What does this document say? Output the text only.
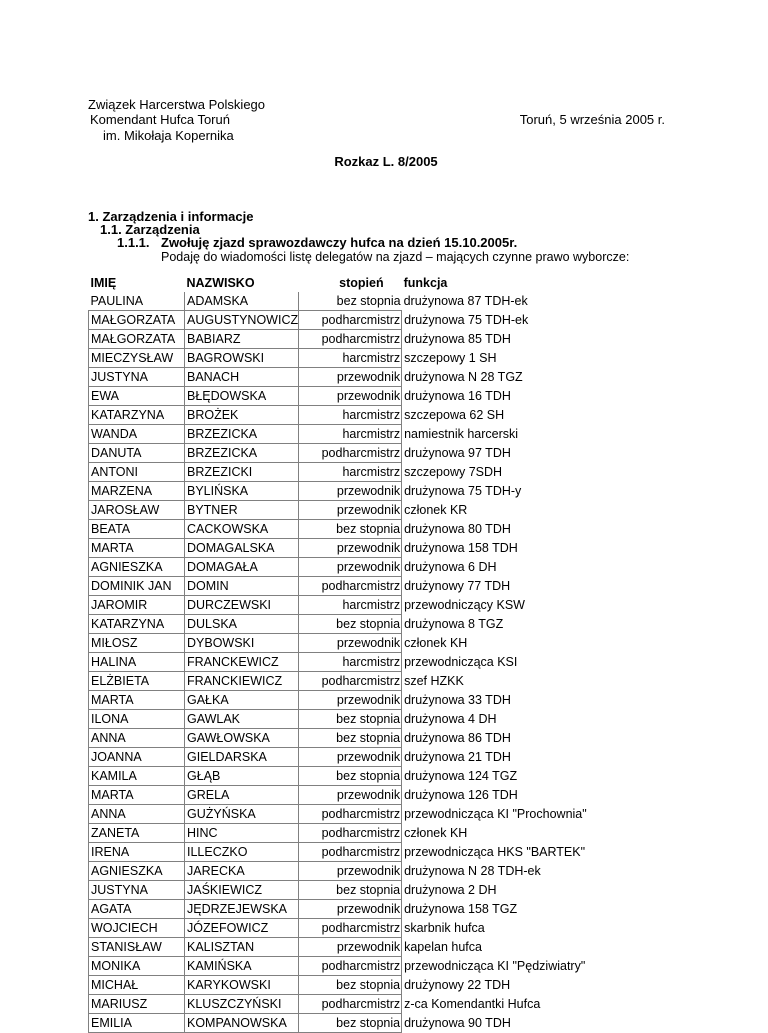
Związek Harcerstwa Polskiego
Komendant Hufca Toruń
im. Mikołaja Kopernika
Toruń, 5 września 2005 r.
Rozkaz L. 8/2005
1. Zarządzenia i informacje
1.1. Zarządzenia
1.1.1. Zwołuję zjazd sprawozdawczy hufca na dzień 15.10.2005r.
Podaję do wiadomości listę delegatów na zjazd – mających czynne prawo wyborcze:
IMIĘ	NAZWISKO	stopień	funkcja
PAULINA	ADAMSKA	bez stopnia	drużynowa 87 TDH-ek
MAŁGORZATA	AUGUSTYNOWICZ	podharcmistrz	drużynowa 75 TDH-ek
MAŁGORZATA	BABIARZ	podharcmistrz	drużynowa 85 TDH
MIECZYSŁAW	BAGROWSKI	harcmistrz	szczepowy 1 SH
JUSTYNA	BANACH	przewodnik	drużynowa N 28 TGZ
EWA	BŁĘDOWSKA	przewodnik	drużynowa 16 TDH
KATARZYNA	BROŻEK	harcmistrz	szczepowa 62 SH
WANDA	BRZEZICKA	harcmistrz	namiestnik harcerski
DANUTA	BRZEZICKA	podharcmistrz	drużynowa 97 TDH
ANTONI	BRZEZICKI	harcmistrz	szczepowy 7SDH
MARZENA	BYLIŃSKA	przewodnik	drużynowa 75 TDH-y
JAROSŁAW	BYTNER	przewodnik	członek KR
BEATA	CACKOWSKA	bez stopnia	drużynowa 80 TDH
MARTA	DOMAGALSKA	przewodnik	drużynowa 158 TDH
AGNIESZKA	DOMAGAŁA	przewodnik	drużynowa 6 DH
DOMINIK JAN	DOMIN	podharcmistrz	drużynowy 77 TDH
JAROMIR	DURCZEWSKI	harcmistrz	przewodniczący KSW
KATARZYNA	DULSKA	bez stopnia	drużynowa 8 TGZ
MIŁOSZ	DYBOWSKI	przewodnik	członek KH
HALINA	FRANCKEWICZ	harcmistrz	przewodnicząca KSI
ELŻBIETA	FRANCKIEWICZ	podharcmistrz	szef HZKK
MARTA	GAŁKA	przewodnik	drużynowa 33 TDH
ILONA	GAWLAK	bez stopnia	drużynowa 4 DH
ANNA	GAWŁOWSKA	bez stopnia	drużynowa 86 TDH
JOANNA	GIELDARSKA	przewodnik	drużynowa 21 TDH
KAMILA	GŁĄB	bez stopnia	drużynowa 124 TGZ
MARTA	GRELA	przewodnik	drużynowa 126 TDH
ANNA	GUŻYŃSKA	podharcmistrz	przewodnicząca KI "Prochownia"
ZANETA	HINC	podharcmistrz	członek KH
IRENA	ILLECZKO	podharcmistrz	przewodnicząca HKS "BARTEK"
AGNIESZKA	JARECKA	przewodnik	drużynowa N 28 TDH-ek
JUSTYNA	JAŚKIEWICZ	bez stopnia	drużynowa 2 DH
AGATA	JĘDRZEJEWSKA	przewodnik	drużynowa 158 TGZ
WOJCIECH	JÓZEFOWICZ	podharcmistrz	skarbnik hufca
STANISŁAW	KALISZTAN	przewodnik	kapelan hufca
MONIKA	KAMIŃSKA	podharcmistrz	przewodnicząca KI "Pędziwiatry"
MICHAŁ	KARYKOWSKI	bez stopnia	drużynowy 22 TDH
MARIUSZ	KLUSZCZYŃSKI	podharcmistrz	z-ca Komendantki Hufca
EMILIA	KOMPANOWSKA	bez stopnia	drużynowa 90 TDH
